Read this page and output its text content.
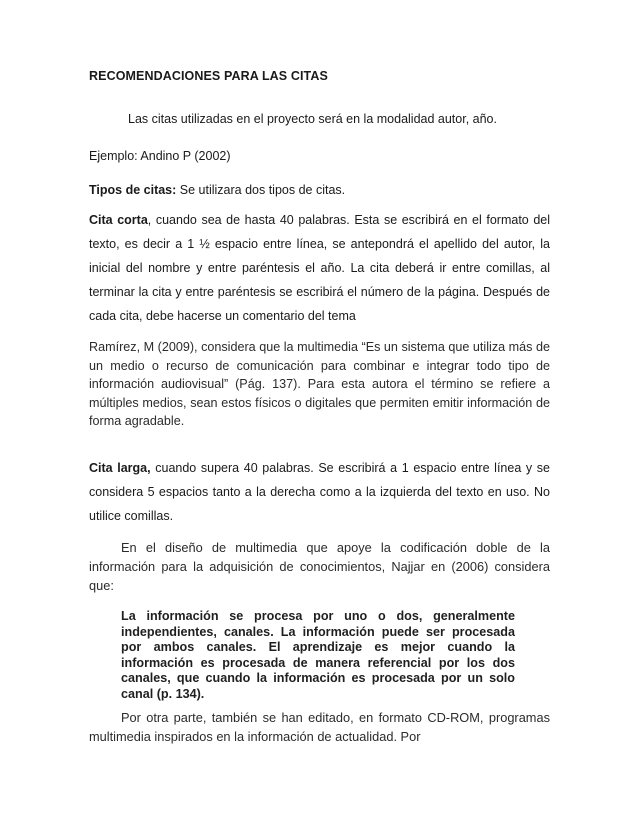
RECOMENDACIONES PARA LAS CITAS
Las citas utilizadas en el proyecto será en la modalidad autor, año.
Ejemplo: Andino P (2002)
Tipos de citas: Se utilizara dos tipos de citas.
Cita corta, cuando sea de hasta 40 palabras. Esta se escribirá en el formato del texto, es decir a 1 ½ espacio entre línea, se antepondrá el apellido del autor, la inicial del nombre y entre paréntesis el año. La cita deberá ir entre comillas, al terminar la cita y entre paréntesis se escribirá el número de la página. Después de cada cita, debe hacerse un comentario del tema
Ramírez, M (2009), considera que la multimedia “Es un sistema que utiliza más de un medio o recurso de comunicación para combinar e integrar todo tipo de información audiovisual” (Pág. 137). Para esta autora el término se refiere a múltiples medios, sean estos físicos o digitales que permiten emitir información de forma agradable.
Cita larga, cuando supera 40 palabras. Se escribirá a 1 espacio entre línea y se considera 5 espacios tanto a la derecha como a la izquierda del texto en uso. No utilice comillas.
En el diseño de multimedia que apoye la codificación doble de la información para la adquisición de conocimientos, Najjar en (2006) considera que:
La información se procesa por uno o dos, generalmente independientes, canales. La información puede ser procesada por ambos canales. El aprendizaje es mejor cuando la información es procesada de manera referencial por los dos canales, que cuando la información es procesada por un solo canal (p. 134).
Por otra parte, también se han editado, en formato CD-ROM, programas multimedia inspirados en la información de actualidad. Por
